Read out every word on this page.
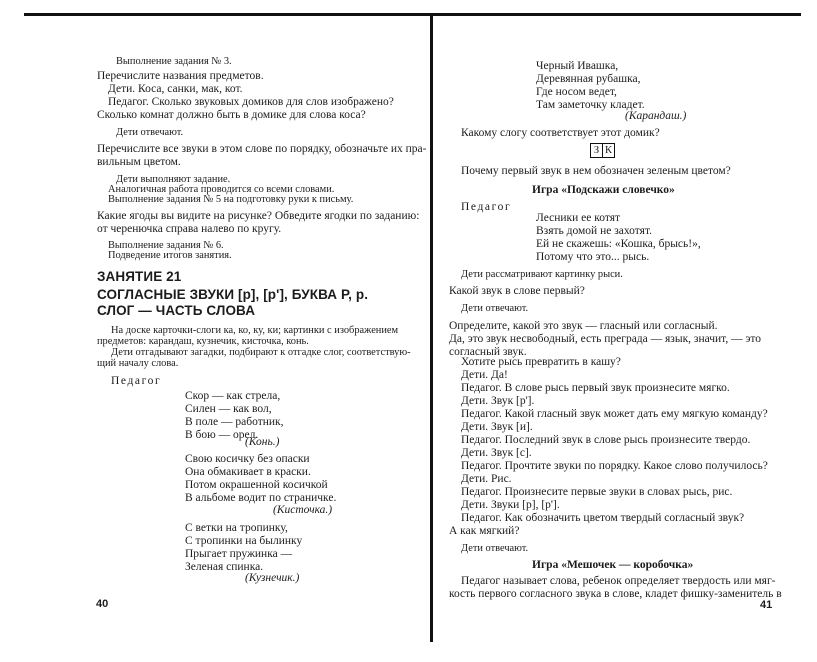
Выполнение задания № 3.
Перечислите названия предметов.
Дети. Коса, санки, мак, кот.
Педагог. Сколько звуковых домиков для слов изображено?
Сколько комнат должно быть в домике для слова коса?
Дети отвечают.
Перечислите все звуки в этом слове по порядку, обозначьте их пра-
вильным цветом.
Дети выполняют задание.
Аналогичная работа проводится со всеми словами.
Выполнение задания № 5 на подготовку руки к письму.
Какие ягоды вы видите на рисунке? Обведите ягодки по заданию:
от черенючка справа налево по кругу.
Выполнение задания № 6.
Подведение итогов занятия.
ЗАНЯТИЕ 21
СОГЛАСНЫЕ ЗВУКИ [р], [р'], БУКВА Р, р.
СЛОГ — ЧАСТЬ СЛОВА
На доске карточки-слоги ка, ко, ку, ки; картинки с изображением
предметов: карандаш, кузнечик, кисточка, конь.
Дети отгадывают загадки, подбирают к отгадке слог, соответствую-
щий началу слова.
Педагог
Скор — как стрела,
Силен — как вол,
В поле — работник,
В бою — орел.
(Конь.)
Свою косичку без опаски
Она обмакивает в краски.
Потом окрашенной косичкой
В альбоме водит по страничке.
(Кисточка.)
С ветки на тропинку,
С тропинки на былинку
Прыгает пружинка —
Зеленая спинка.
(Кузнечик.)
40
Черный Ивашка,
Деревянная рубашка,
Где носом ведет,
Там заметочку кладет.
(Карандаш.)
Какому слогу соответствует этот домик?
З К
Почему первый звук в нем обозначен зеленым цветом?
Игра «Подскажи словечко»
Педагог
Лесники ее котят
Взять домой не захотят.
Ей не скажешь: «Кошка, брысь!»,
Потому что это... рысь.
Дети рассматривают картинку рыси.
Какой звук в слове первый?
Дети отвечают.
Определите, какой это звук — гласный или согласный.
Да, это звук несвободный, есть преграда — язык, значит, — это
согласный звук.
Хотите рысь превратить в кашу?
Дети. Да!
Педагог. В слове рысь первый звук произнесите мягко.
Дети. Звук [р'].
Педагог. Какой гласный звук может дать ему мягкую команду?
Дети. Звук [и].
Педагог. Последний звук в слове рысь произнесите твердо.
Дети. Звук [с].
Педагог. Прочтите звуки по порядку. Какое слово получилось?
Дети. Рис.
Педагог. Произнесите первые звуки в словах рысь, рис.
Дети. Звуки [р], [р'].
Педагог. Как обозначить цветом твердый согласный звук?
А как мягкий?
Дети отвечают.
Игра «Мешочек — коробочка»
Педагог называет слова, ребенок определяет твердость или мяг-
кость первого согласного звука в слове, кладет фишку-заменитель в
41
